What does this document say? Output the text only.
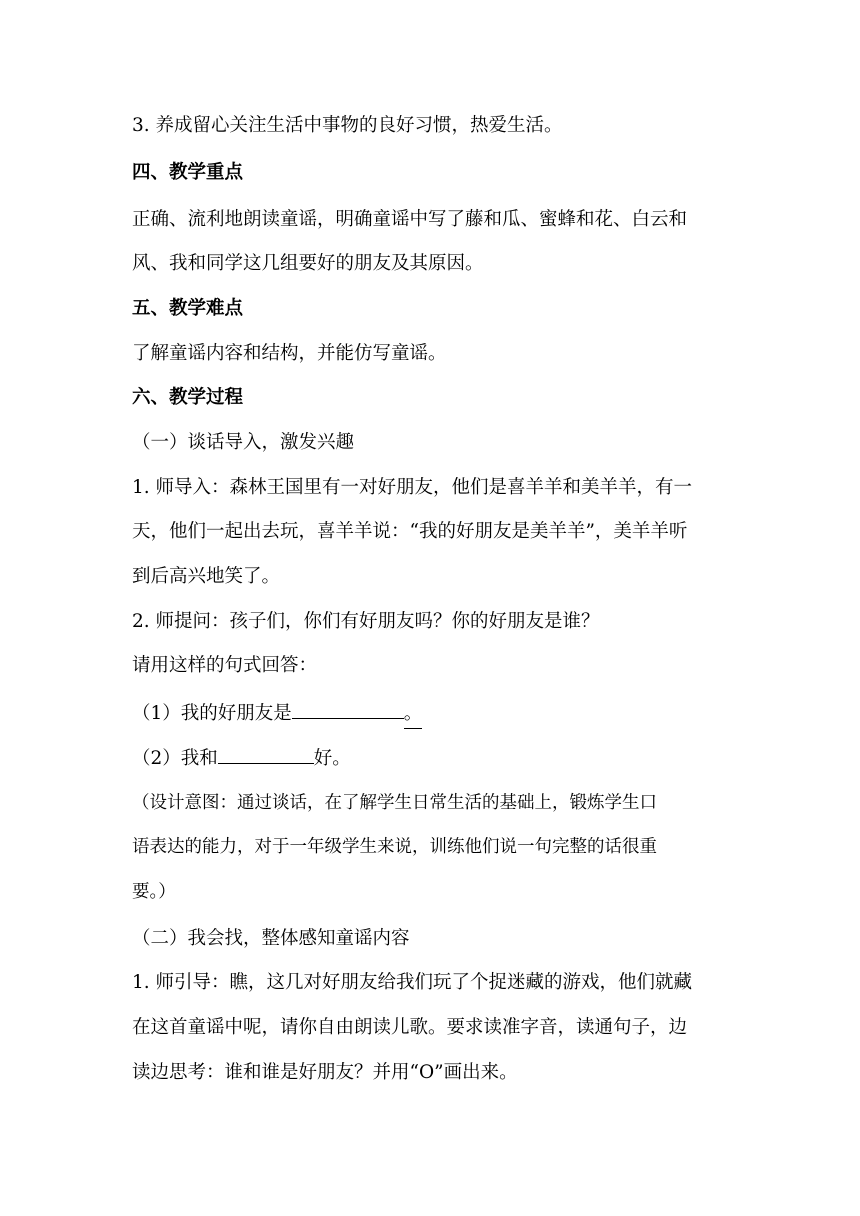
3. 养成留心关注生活中事物的良好习惯，热爱生活。
四、教学重点
正确、流利地朗读童谣，明确童谣中写了藤和瓜、蜜蜂和花、白云和
风、我和同学这几组要好的朋友及其原因。
五、教学难点
了解童谣内容和结构，并能仿写童谣。
六、教学过程
（一）谈话导入，激发兴趣
1. 师导入：森林王国里有一对好朋友，他们是喜羊羊和美羊羊，有一
天，他们一起出去玩，喜羊羊说：“我的好朋友是美羊羊”，美羊羊听
到后高兴地笑了。
2. 师提问：孩子们，你们有好朋友吗？你的好朋友是谁？
请用这样的句式回答：
（1）我的好朋友是	。
（2）我和	好。
（设计意图：通过谈话，在了解学生日常生活的基础上，锻炼学生口
语表达的能力，对于一年级学生来说，训练他们说一句完整的话很重
要。）
（二）我会找，整体感知童谣内容
1. 师引导：瞧，这几对好朋友给我们玩了个捉迷藏的游戏，他们就藏
在这首童谣中呢，请你自由朗读儿歌。要求读准字音，读通句子，边
读边思考：谁和谁是好朋友？并用“O”画出来。
